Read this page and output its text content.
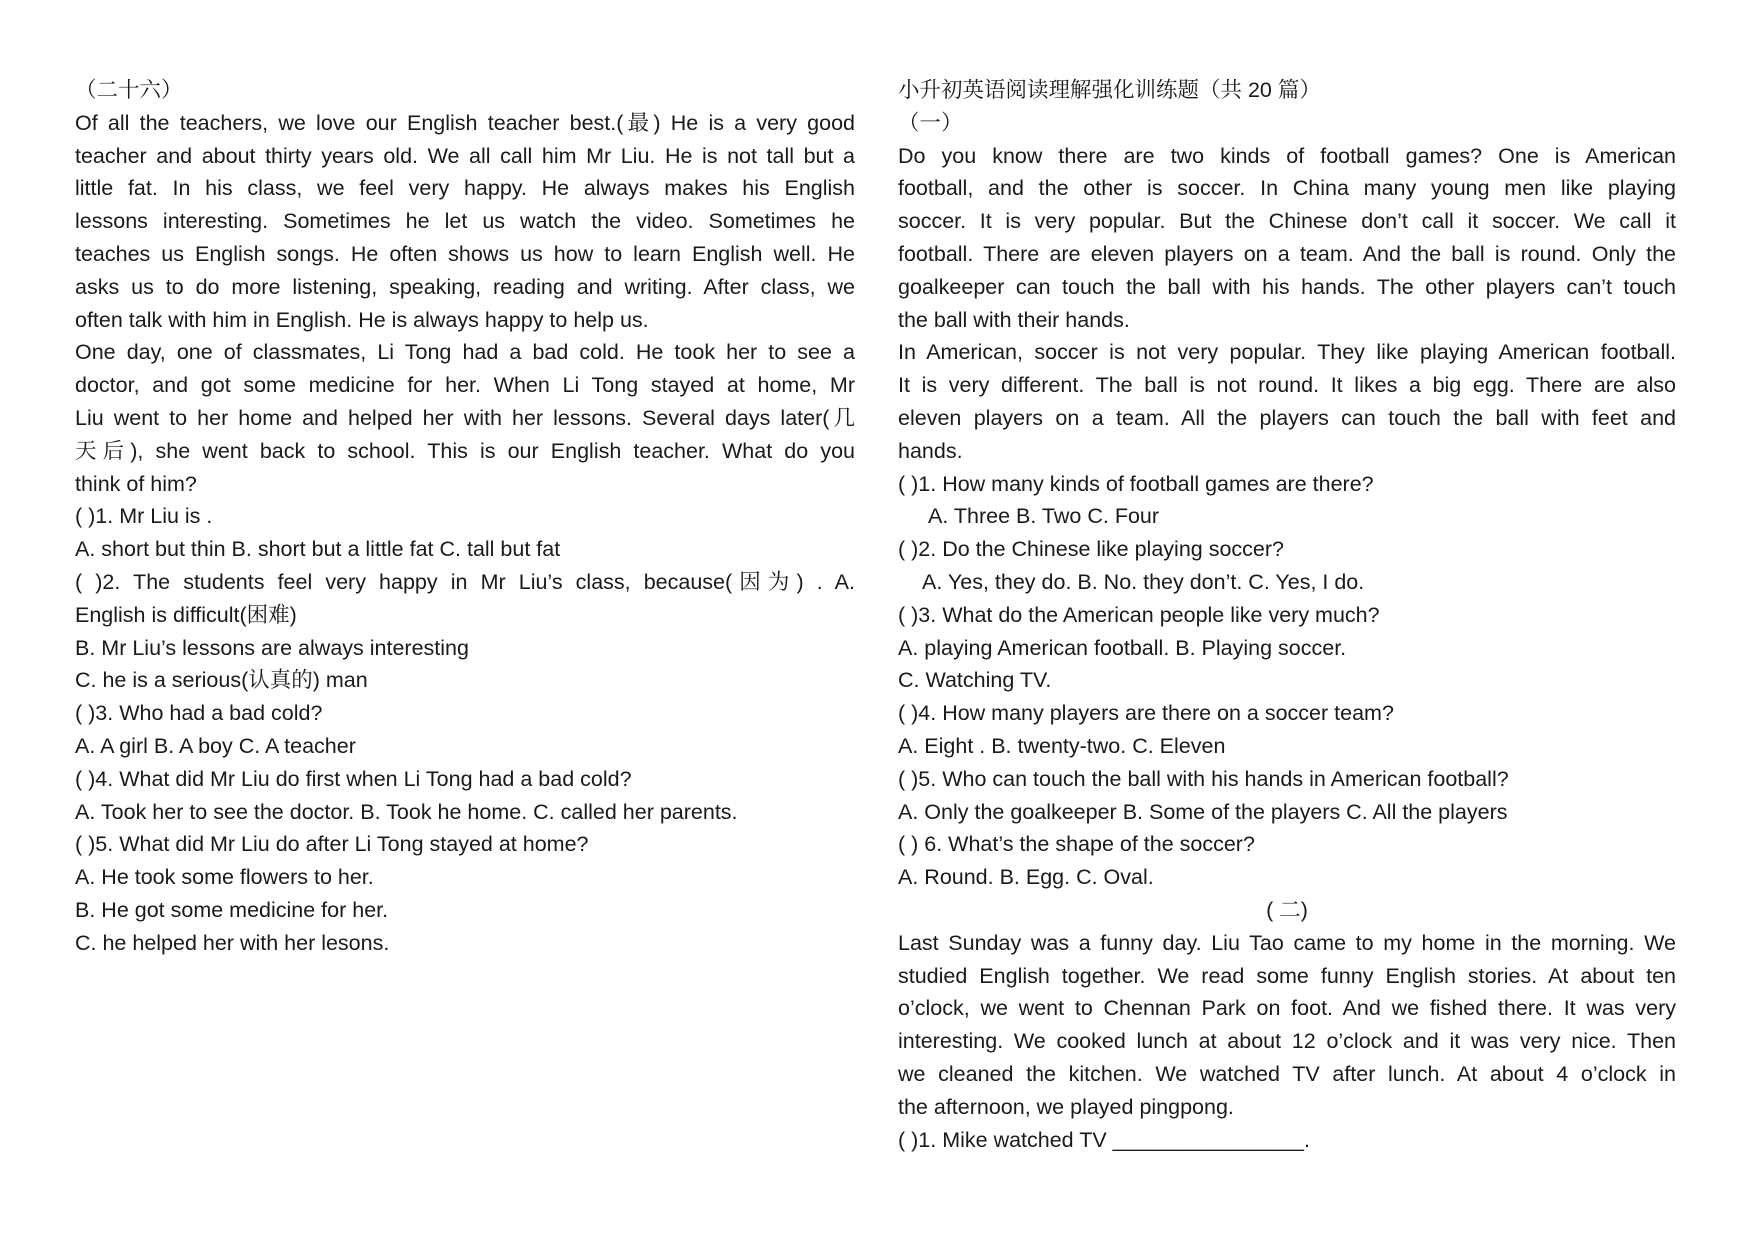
（二十六）
Of all the teachers, we love our English teacher best.(最) He is a very good
teacher and about thirty years old. We all call him Mr Liu. He is not tall but a
little fat. In his class, we feel very happy. He always makes his English
lessons interesting. Sometimes he let us watch the video. Sometimes he
teaches us English songs. He often shows us how to learn English well. He
asks us to do more listening, speaking, reading and writing. After class, we
often talk with him in English. He is always happy to help us.
One day, one of classmates, Li Tong had a bad cold. He took her to see a
doctor, and got some medicine for her. When Li Tong stayed at home, Mr
Liu went to her home and helped her with her lessons. Several days later(几
天后), she went back to school. This is our English teacher. What do you
think of him?
( )1. Mr Liu is .
A. short but thin B. short but a little fat C. tall but fat
( )2. The students feel very happy in Mr Liu’s class, because(因为) . A.
English is difficult(困难)
B. Mr Liu’s lessons are always interesting
C. he is a serious(认真的) man
( )3. Who had a bad cold?
A. A girl B. A boy C. A teacher
( )4. What did Mr Liu do first when Li Tong had a bad cold?
A. Took her to see the doctor. B. Took he home. C. called her parents.
( )5. What did Mr Liu do after Li Tong stayed at home?
A. He took some flowers to her.
B. He got some medicine for her.
C. he helped her with her lesons.
小升初英语阅读理解强化训练题（共 20 篇）
（一）
Do you know there are two kinds of football games? One is American
football, and the other is soccer. In China many young men like playing
soccer. It is very popular. But the Chinese don’t call it soccer. We call it
football. There are eleven players on a team. And the ball is round. Only the
goalkeeper can touch the ball with his hands. The other players can’t touch
the ball with their hands.
In American, soccer is not very popular. They like playing American football.
It is very different. The ball is not round. It likes a big egg. There are also
eleven players on a team. All the players can touch the ball with feet and
hands.
( )1. How many kinds of football games are there?
A. Three B. Two C. Four
( )2. Do the Chinese like playing soccer?
A. Yes, they do. B. No. they don’t. C. Yes, I do.
( )3. What do the American people like very much?
A. playing American football. B. Playing soccer.
C. Watching TV.
( )4. How many players are there on a soccer team?
A. Eight . B. twenty-two. C. Eleven
( )5. Who can touch the ball with his hands in American football?
A. Only the goalkeeper B. Some of the players C. All the players
( ) 6. What’s the shape of the soccer?
A. Round. B. Egg. C. Oval.
( 二)
Last Sunday was a funny day. Liu Tao came to my home in the morning. We
studied English together. We read some funny English stories. At about ten
o’clock, we went to Chennan Park on foot. And we fished there. It was very
interesting. We cooked lunch at about 12 o’clock and it was very nice. Then
we cleaned the kitchen. We watched TV after lunch. At about 4 o’clock in
the afternoon, we played pingpong.
( )1. Mike watched TV ________________.
